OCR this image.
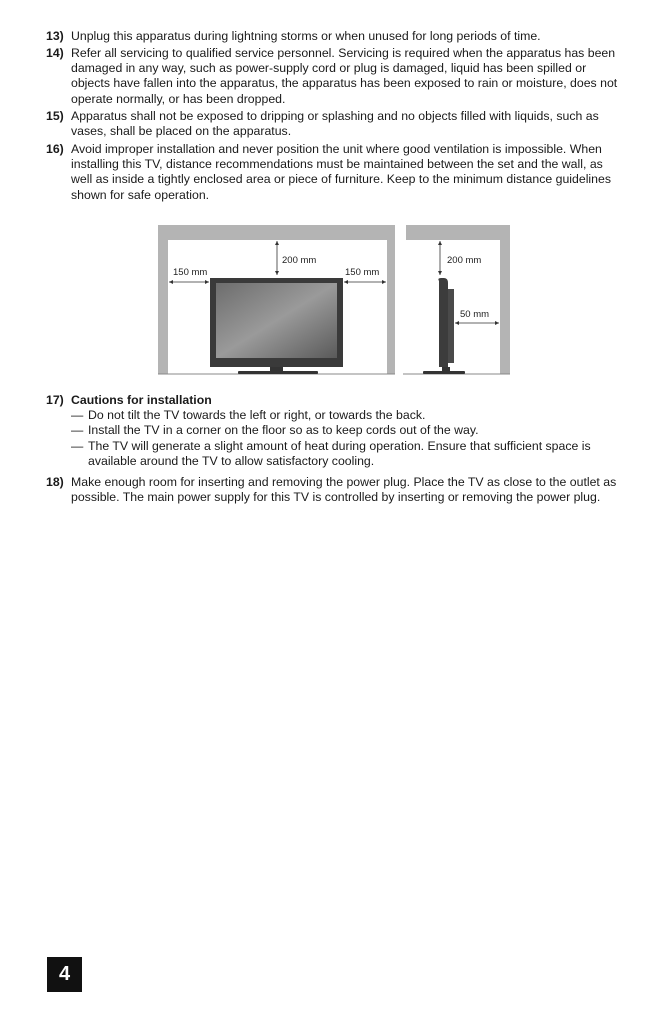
13) Unplug this apparatus during lightning storms or when unused for long periods of time.
14) Refer all servicing to qualified service personnel. Servicing is required when the apparatus has been damaged in any way, such as power-supply cord or plug is damaged, liquid has been spilled or objects have fallen into the apparatus, the apparatus has been exposed to rain or moisture, does not operate normally, or has been dropped.
15) Apparatus shall not be exposed to dripping or splashing and no objects filled with liquids, such as vases, shall be placed on the apparatus.
16) Avoid improper installation and never position the unit where good ventilation is impossible. When installing this TV, distance recommendations must be maintained between the set and the wall, as well as inside a tightly enclosed area or piece of furniture. Keep to the minimum distance guidelines shown for safe operation.
200 mm
150 mm	150 mm
200 mm
50 mm
17) Cautions for installation
— Do not tilt the TV towards the left or right, or towards the back.
— Install the TV in a corner on the floor so as to keep cords out of the way.
— The TV will generate a slight amount of heat during operation. Ensure that sufficient space is available around the TV to allow satisfactory cooling.
18) Make enough room for inserting and removing the power plug. Place the TV as close to the outlet as possible. The main power supply for this TV is controlled by inserting or removing the power plug.
4
